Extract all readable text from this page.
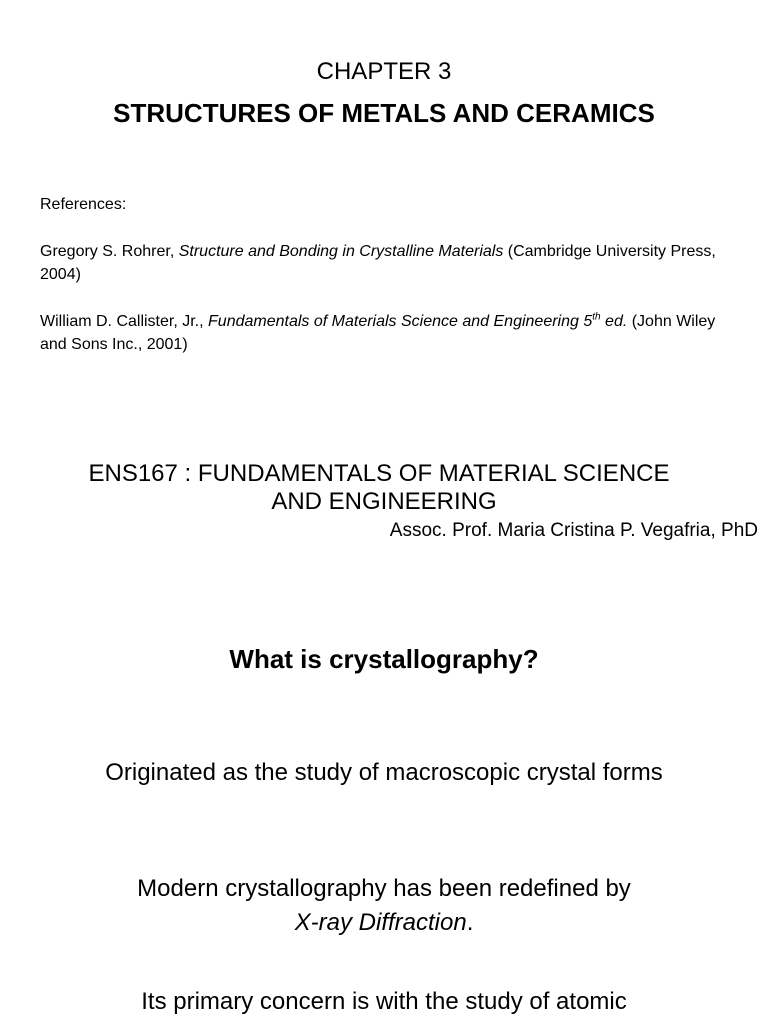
CHAPTER 3
STRUCTURES OF METALS AND CERAMICS
References:
Gregory S. Rohrer, Structure and Bonding in Crystalline Materials (Cambridge University Press, 2004)
William D. Callister, Jr., Fundamentals of Materials Science and Engineering 5th ed. (John Wiley and Sons Inc., 2001)
ENS167 : FUNDAMENTALS OF MATERIAL SCIENCE
AND ENGINEERING
Assoc. Prof. Maria Cristina P. Vegafria, PhD
What is crystallography?

Originated as the study of macroscopic crystal forms

Modern crystallography has been redefined by
X-ray Diffraction.

Its primary concern is with the study of atomic
